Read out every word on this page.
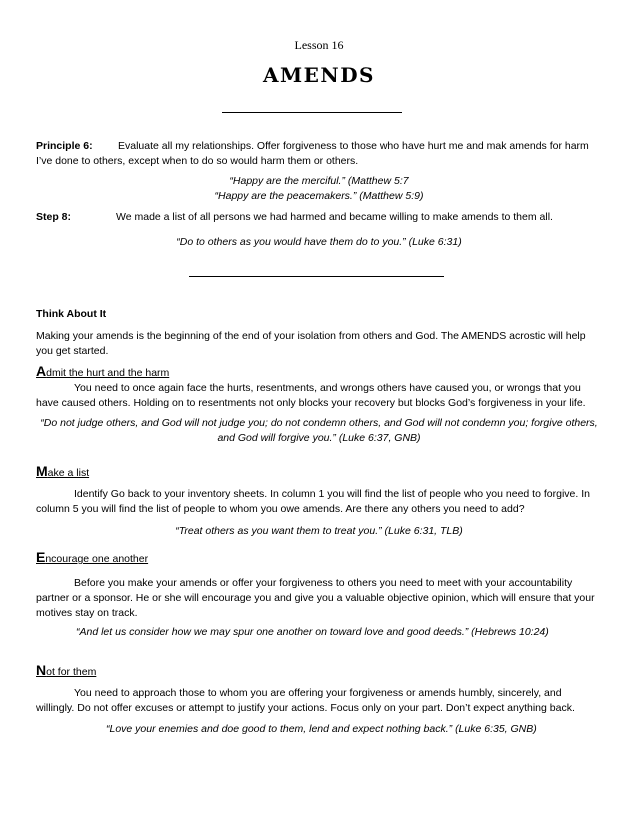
Lesson 16
AMENDS
Principle 6: Evaluate all my relationships. Offer forgiveness to those who have hurt me and mak amends for harm
I’ve done to others, except when to do so would harm them or others.
“Happy are the merciful.” (Matthew 5:7
“Happy are the peacemakers.” (Matthew 5:9)
Step 8:	We made a list of all persons we had harmed and became willing to make amends to them all.
“Do to others as you would have them do to you.” (Luke 6:31)
Think About It
Making your amends is the beginning of the end of your isolation from others and God. The AMENDS acrostic will help you get started.
Admit the hurt and the harm
You need to once again face the hurts, resentments, and wrongs others have caused you, or wrongs that you have caused others. Holding on to resentments not only blocks your recovery but blocks God’s forgiveness in your life.
“Do not judge others, and God will not judge you; do not condemn others, and God will not condemn you; forgive others, and God will forgive you.” (Luke 6:37, GNB)
Make a list
Identify Go back to your inventory sheets. In column 1 you will find the list of people who you need to forgive. In column 5 you will find the list of people to whom you owe amends. Are there any others you need to add?
“Treat others as you want them to treat you.” (Luke 6:31, TLB)
Encourage one another
Before you make your amends or offer your forgiveness to others you need to meet with your accountability partner or a sponsor. He or she will encourage you and give you a valuable objective opinion, which will ensure that your motives stay on track.
“And let us consider how we may spur one another on toward love and good deeds.” (Hebrews 10:24)
Not for them
You need to approach those to whom you are offering your forgiveness or amends humbly, sincerely, and willingly. Do not offer excuses or attempt to justify your actions. Focus only on your part. Don’t expect anything back.
“Love your enemies and doe good to them, lend and expect nothing back.” (Luke 6:35, GNB)
